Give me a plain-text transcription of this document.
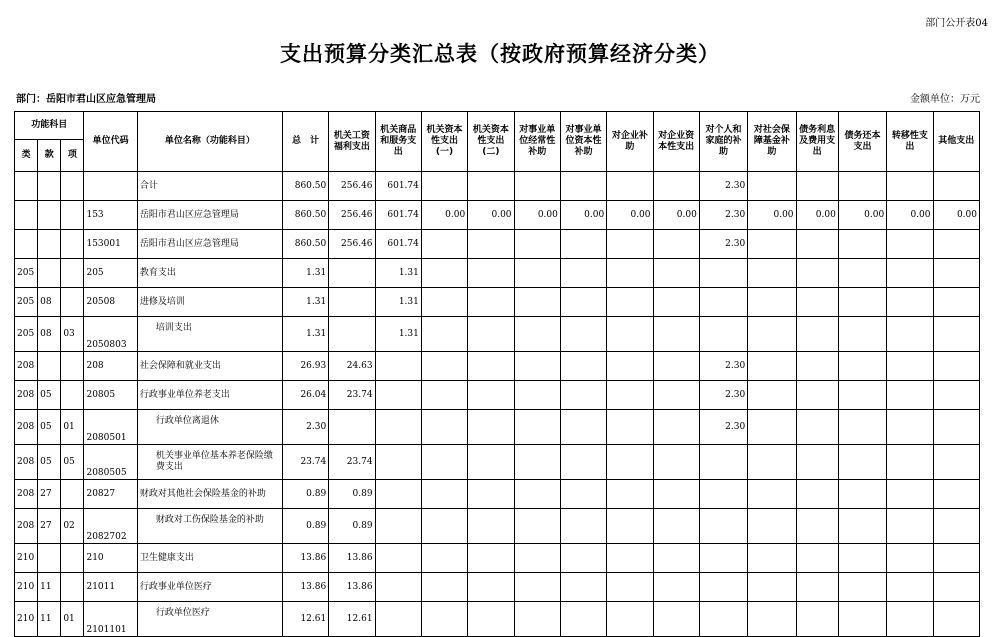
部门公开表04
支出预算分类汇总表（按政府预算经济分类）
部门：岳阳市君山区应急管理局	金额单位：万元
功能科目			单位代码	单位名称（功能科目）	总　计	机关工资福利支出	机关商品和服务支出	机关资本性支出(一)	机关资本性支出(二)	对事业单位经常性补助	对事业单位资本性补助	对企业补助	对企业资本性支出	对个人和家庭的补助	对社会保障基金补助	债务利息及费用支出	债务还本支出	转移性支出	其他支出
类	款	项																	
				合计	860.50	256.46	601.74							2.30					
			153	岳阳市君山区应急管理局	860.50	256.46	601.74	0.00	0.00	0.00	0.00	0.00	0.00	2.30	0.00	0.00	0.00	0.00	0.00
			153001	岳阳市君山区应急管理局	860.50	256.46	601.74							2.30					
205			205	教育支出	1.31		1.31												
205	08		20508	进修及培训	1.31		1.31												
205	08	03	2050803	培训支出	1.31		1.31												
208			208	社会保障和就业支出	26.93	24.63								2.30					
208	05		20805	行政事业单位养老支出	26.04	23.74								2.30					
208	05	01	2080501	行政单位离退休	2.30									2.30					
208	05	05	2080505	机关事业单位基本养老保险缴费支出	23.74	23.74													
208	27		20827	财政对其他社会保险基金的补助	0.89	0.89													
208	27	02	2082702	财政对工伤保险基金的补助	0.89	0.89													
210			210	卫生健康支出	13.86	13.86													
210	11		21011	行政事业单位医疗	13.86	13.86													
210	11	01	2101101	行政单位医疗	12.61	12.61													
